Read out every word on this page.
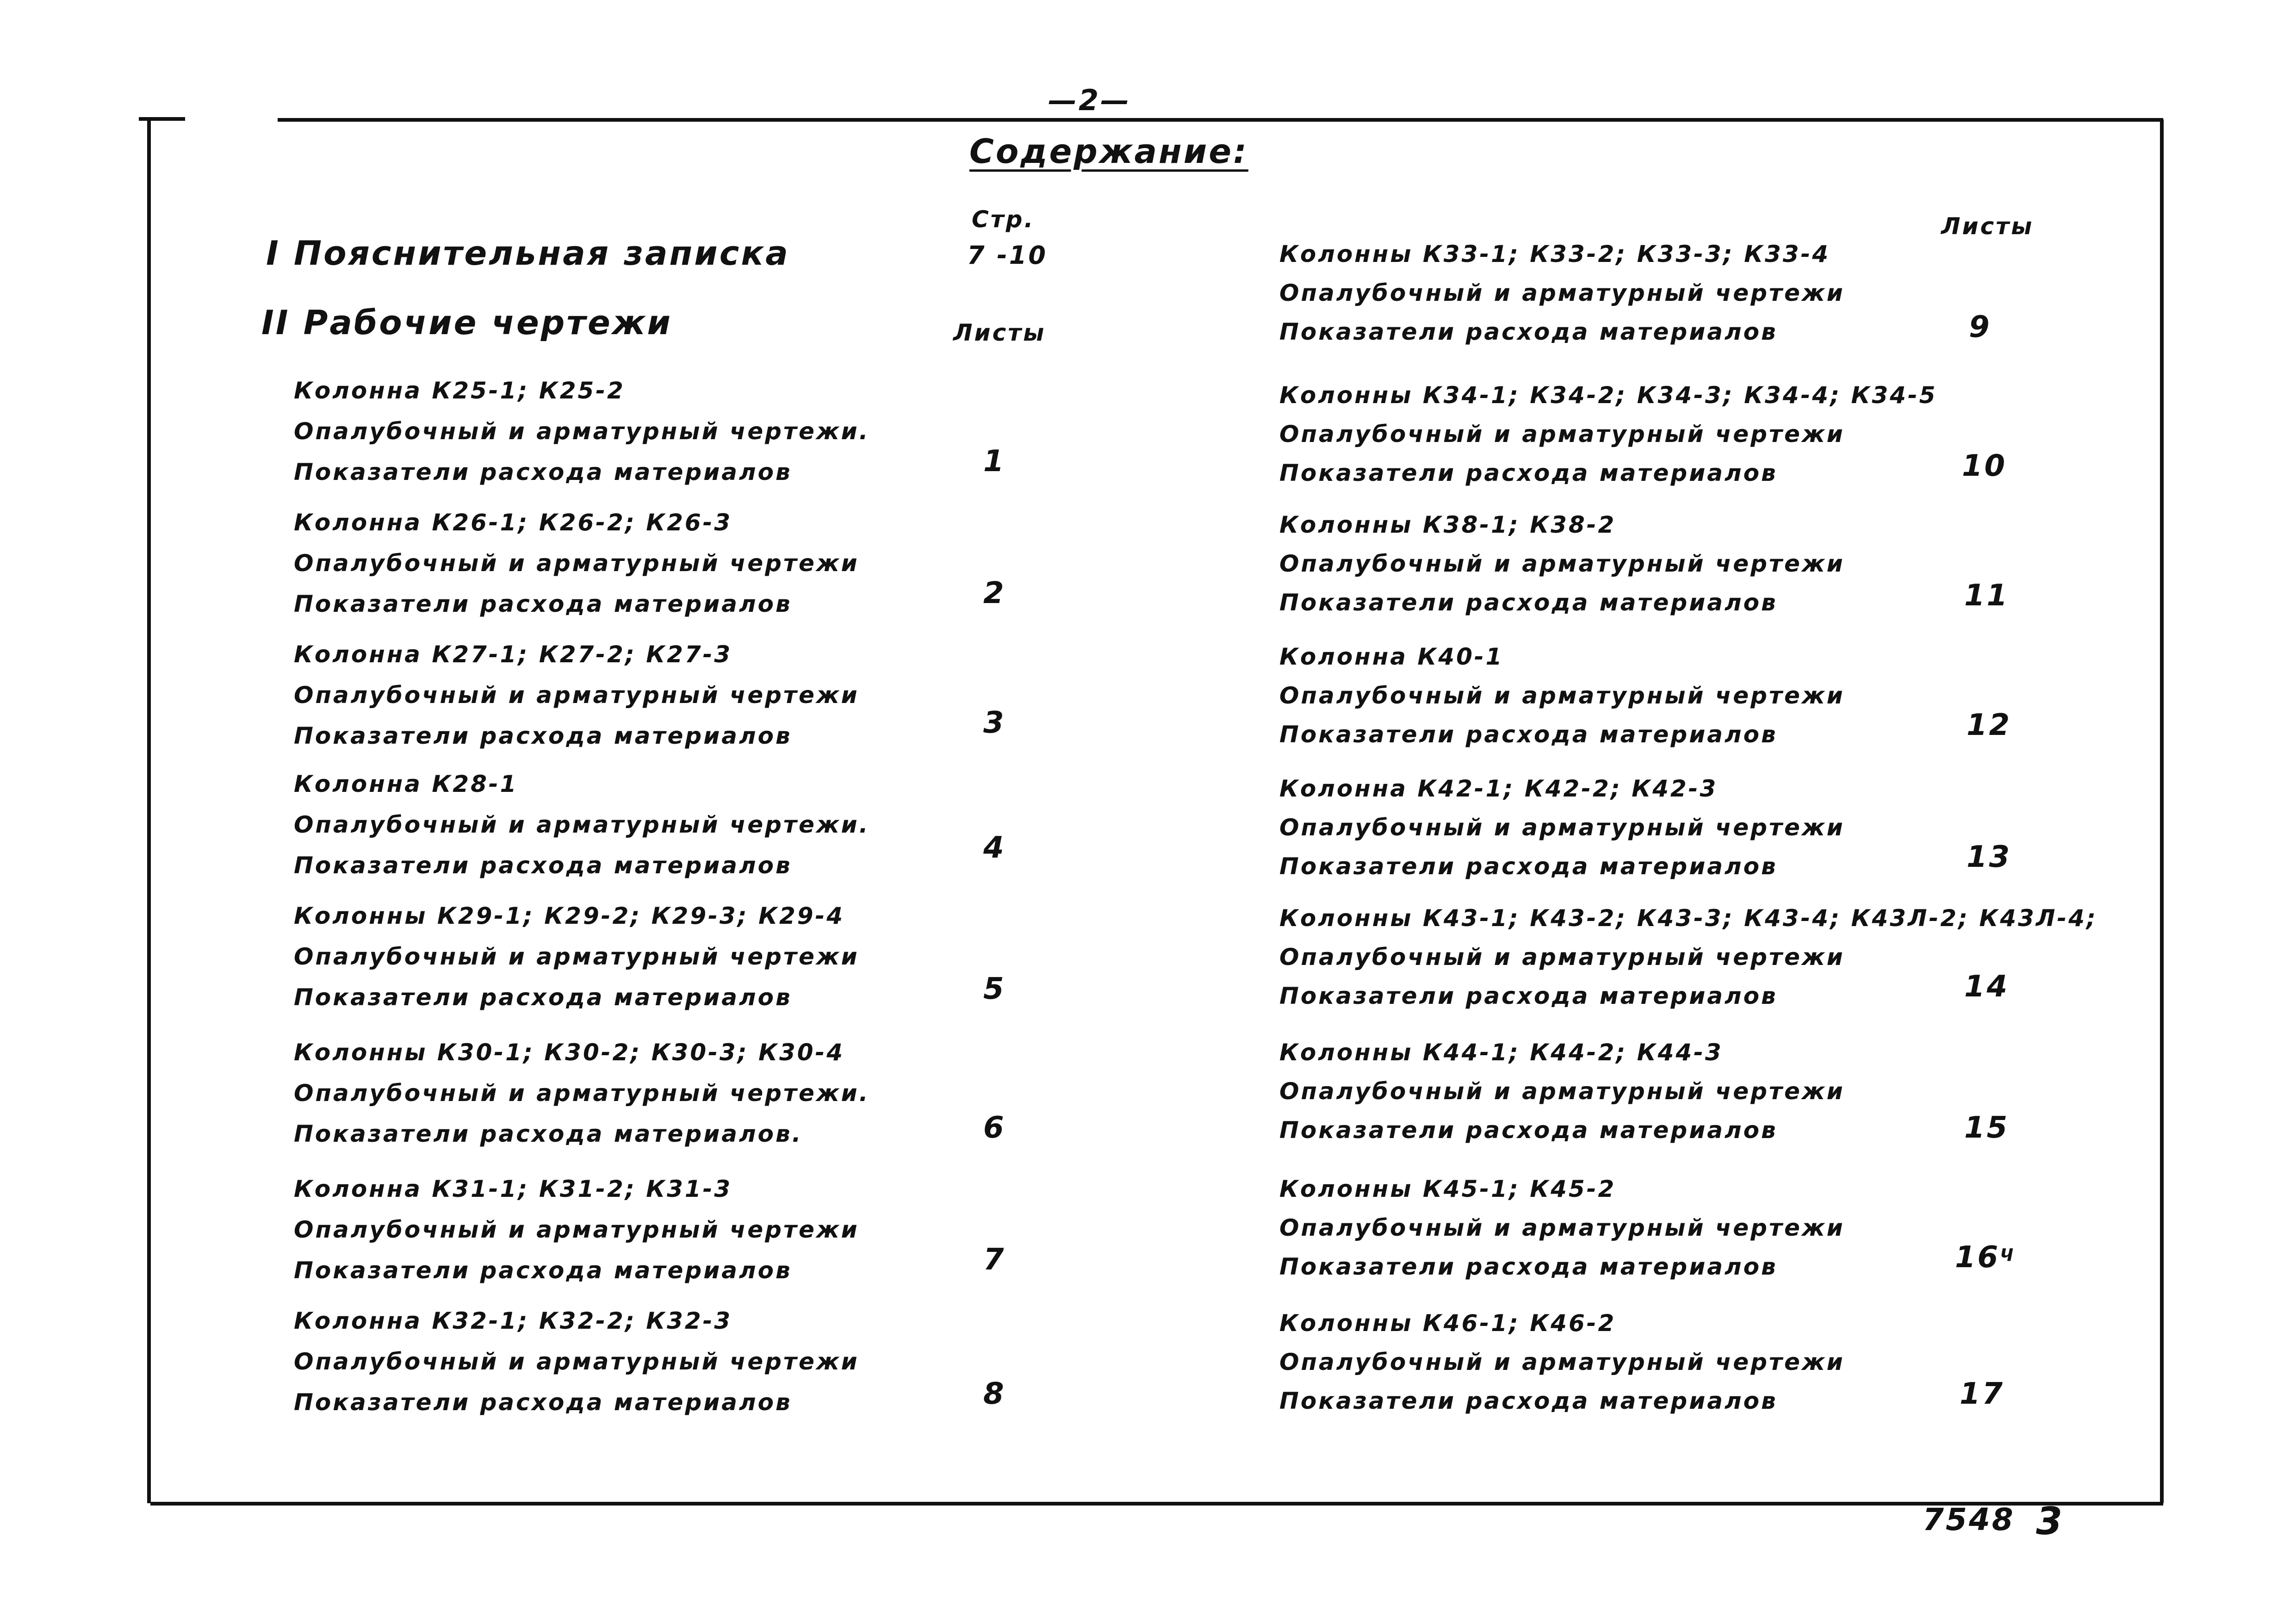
—2—
Содержание:
Стр.
Листы
Листы
I Пояснительная записка	7 -10
II Рабочие чертежи
Колонна К25-1; К25-2
Опалубочный и арматурный чертежи.
Показатели расхода материалов	1
Колонна К26-1; К26-2; К26-3
Опалубочный и арматурный чертежи
Показатели расхода материалов	2
Колонна К27-1; К27-2; К27-3
Опалубочный и арматурный чертежи
Показатели расхода материалов	3
Колонна К28-1
Опалубочный и арматурный чертежи.
Показатели расхода материалов
4
Колонны К29-1; К29-2; К29-3; К29-4
Опалубочный и арматурный чертежи
Показатели расхода материалов	5
Колонны К30-1; К30-2; К30-3; К30-4
Опалубочный и арматурный чертежи.
Показатели расхода материалов.	6
Колонна К31-1; К31-2; К31-3
Опалубочный и арматурный чертежи
Показатели расхода материалов	7
Колонна К32-1; К32-2; К32-3
Опалубочный и арматурный чертежи
Показатели расхода материалов	8
Колонны К33-1; К33-2; К33-3; К33-4
Опалубочный и арматурный чертежи
Показатели расхода материалов	9
Колонны К34-1; К34-2; К34-3; К34-4; К34-5
Опалубочный и арматурный чертежи
Показатели расхода материалов	10
Колонны К38-1; К38-2
Опалубочный и арматурный чертежи
Показатели расхода материалов	11
Колонна К40-1
Опалубочный и арматурный чертежи
Показатели расхода материалов	12
Колонна К42-1; К42-2; К42-3
Опалубочный и арматурный чертежи
Показатели расхода материалов	13
Колонны К43-1; К43-2; К43-3; К43-4; К43Л-2; К43Л-4;
Опалубочный и арматурный чертежи
Показатели расхода материалов	14
Колонны К44-1; К44-2; К44-3
Опалубочный и арматурный чертежи
Показатели расхода материалов	15
Колонны К45-1; К45-2
Опалубочный и арматурный чертежи
Показатели расхода материалов	16ᶣ
Колонны К46-1; К46-2
Опалубочный и арматурный чертежи
Показатели расхода материалов	17
7548 3
